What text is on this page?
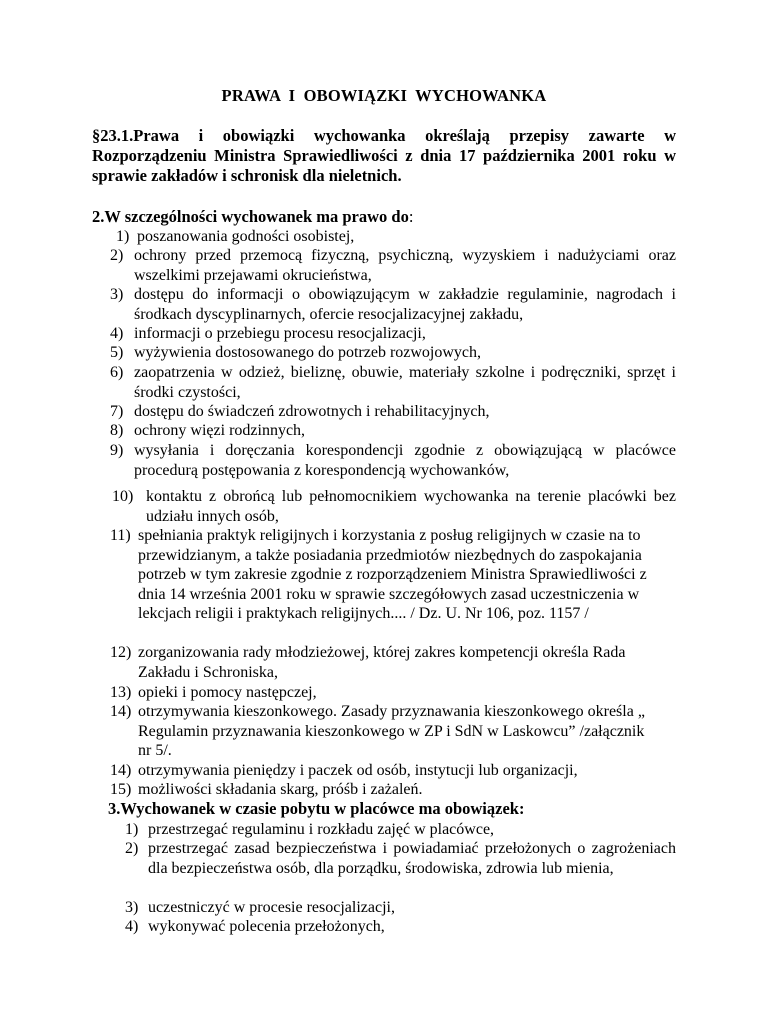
PRAWA I OBOWIĄZKI WYCHOWANKA
§23.1.Prawa i obowiązki wychowanka określają przepisy zawarte w Rozporządzeniu Ministra Sprawiedliwości z dnia 17 października 2001 roku w sprawie zakładów i schronisk dla nieletnich.
2.W szczególności wychowanek ma prawo do:
1) poszanowania godności osobistej,
2) ochrony przed przemocą fizyczną, psychiczną, wyzyskiem i nadużyciami oraz wszelkimi przejawami okrucieństwa,
3) dostępu do informacji o obowiązującym w zakładzie regulaminie, nagrodach i środkach dyscyplinarnych, ofercie resocjalizacyjnej zakładu,
4) informacji o przebiegu procesu resocjalizacji,
5) wyżywienia dostosowanego do potrzeb rozwojowych,
6) zaopatrzenia w odzież, bieliznę, obuwie, materiały szkolne i podręczniki, sprzęt i środki czystości,
7) dostępu do świadczeń zdrowotnych i rehabilitacyjnych,
8) ochrony więzi rodzinnych,
9) wysyłania i doręczania korespondencji zgodnie z obowiązującą w placówce procedurą postępowania z korespondencją wychowanków,
10) kontaktu z obrońcą lub pełnomocnikiem wychowanka na terenie placówki bez udziału innych osób,
11) spełniania praktyk religijnych i korzystania z posług religijnych w czasie na to przewidzianym, a także posiadania przedmiotów niezbędnych do zaspokajania potrzeb w tym zakresie zgodnie z rozporządzeniem Ministra Sprawiedliwości z dnia 14 września 2001 roku w sprawie szczegółowych zasad uczestniczenia w lekcjach religii i praktykach religijnych.... / Dz. U. Nr 106, poz. 1157 /
12) zorganizowania rady młodzieżowej, której zakres kompetencji określa Rada Zakładu i Schroniska,
13) opieki i pomocy następczej,
14) otrzymywania kieszonkowego. Zasady przyznawania kieszonkowego określa „ Regulamin przyznawania kieszonkowego w ZP i SdN w Laskowcu” /załącznik nr 5/.
14) otrzymywania pieniędzy i paczek od osób, instytucji lub organizacji,
15) możliwości składania skarg, próśb i zażaleń.
3.Wychowanek w czasie pobytu w placówce ma obowiązek:
1) przestrzegać regulaminu i rozkładu zajęć w placówce,
2) przestrzegać zasad bezpieczeństwa i powiadamiać przełożonych o zagrożeniach dla bezpieczeństwa osób, dla porządku, środowiska, zdrowia lub mienia,
3) uczestniczyć w procesie resocjalizacji,
4) wykonywać polecenia przełożonych,
